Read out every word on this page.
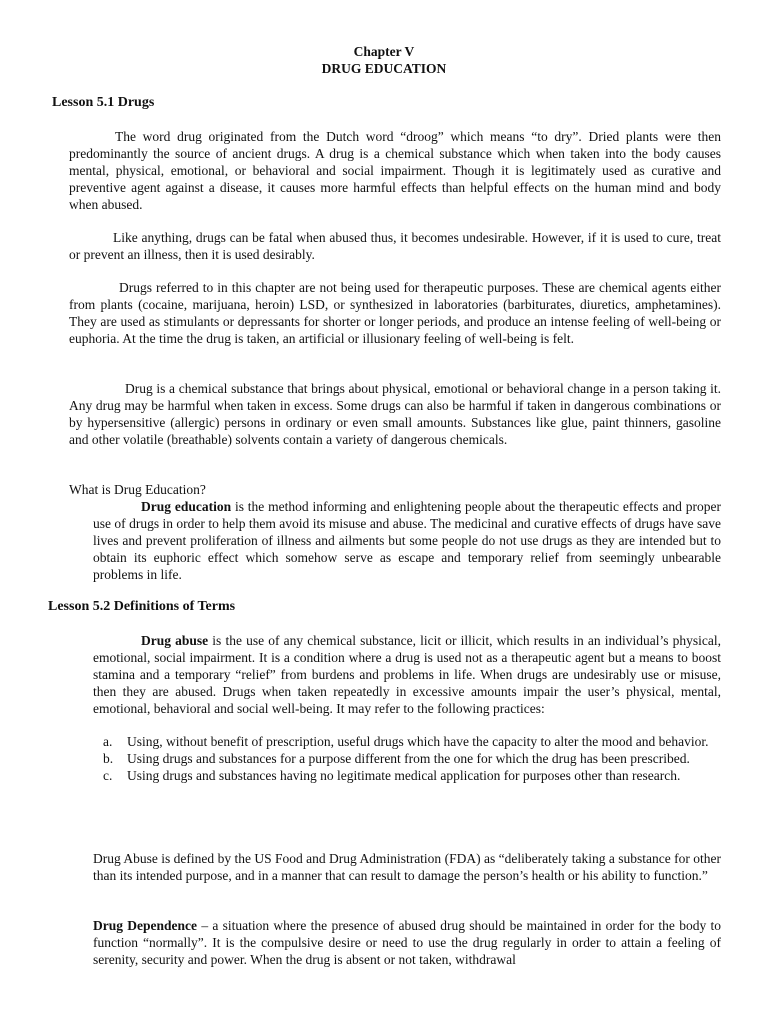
Chapter V
DRUG EDUCATION
Lesson 5.1 Drugs
The word drug originated from the Dutch word “droog” which means “to dry”. Dried plants were then predominantly the source of ancient drugs. A drug is a chemical substance which when taken into the body causes mental, physical, emotional, or behavioral and social impairment. Though it is legitimately used as curative and preventive agent against a disease, it causes more harmful effects than helpful effects on the human mind and body when abused.
Like anything, drugs can be fatal when abused thus, it becomes undesirable. However, if it is used to cure, treat or prevent an illness, then it is used desirably.
Drugs referred to in this chapter are not being used for therapeutic purposes. These are chemical agents either from plants (cocaine, marijuana, heroin) LSD, or synthesized in laboratories (barbiturates, diuretics, amphetamines). They are used as stimulants or depressants for shorter or longer periods, and produce an intense feeling of well-being or euphoria. At the time the drug is taken, an artificial or illusionary feeling of well-being is felt.
Drug is a chemical substance that brings about physical, emotional or behavioral change in a person taking it. Any drug may be harmful when taken in excess. Some drugs can also be harmful if taken in dangerous combinations or by hypersensitive (allergic) persons in ordinary or even small amounts. Substances like glue, paint thinners, gasoline and other volatile (breathable) solvents contain a variety of dangerous chemicals.
What is Drug Education?
Drug education is the method informing and enlightening people about the therapeutic effects and proper use of drugs in order to help them avoid its misuse and abuse. The medicinal and curative effects of drugs have save lives and prevent proliferation of illness and ailments but some people do not use drugs as they are intended but to obtain its euphoric effect which somehow serve as escape and temporary relief from seemingly unbearable problems in life.
Lesson 5.2 Definitions of Terms
Drug abuse is the use of any chemical substance, licit or illicit, which results in an individual’s physical, emotional, social impairment. It is a condition where a drug is used not as a therapeutic agent but a means to boost stamina and a temporary “relief” from burdens and problems in life. When drugs are undesirably use or misuse, then they are abused. Drugs when taken repeatedly in excessive amounts impair the user’s physical, mental, emotional, behavioral and social well-being. It may refer to the following practices:
a. Using, without benefit of prescription, useful drugs which have the capacity to alter the mood and behavior.
b. Using drugs and substances for a purpose different from the one for which the drug has been prescribed.
c. Using drugs and substances having no legitimate medical application for purposes other than research.
Drug Abuse is defined by the US Food and Drug Administration (FDA) as “deliberately taking a substance for other than its intended purpose, and in a manner that can result to damage the person’s health or his ability to function.”
Drug Dependence – a situation where the presence of abused drug should be maintained in order for the body to function “normally”. It is the compulsive desire or need to use the drug regularly in order to attain a feeling of serenity, security and power. When the drug is absent or not taken, withdrawal
